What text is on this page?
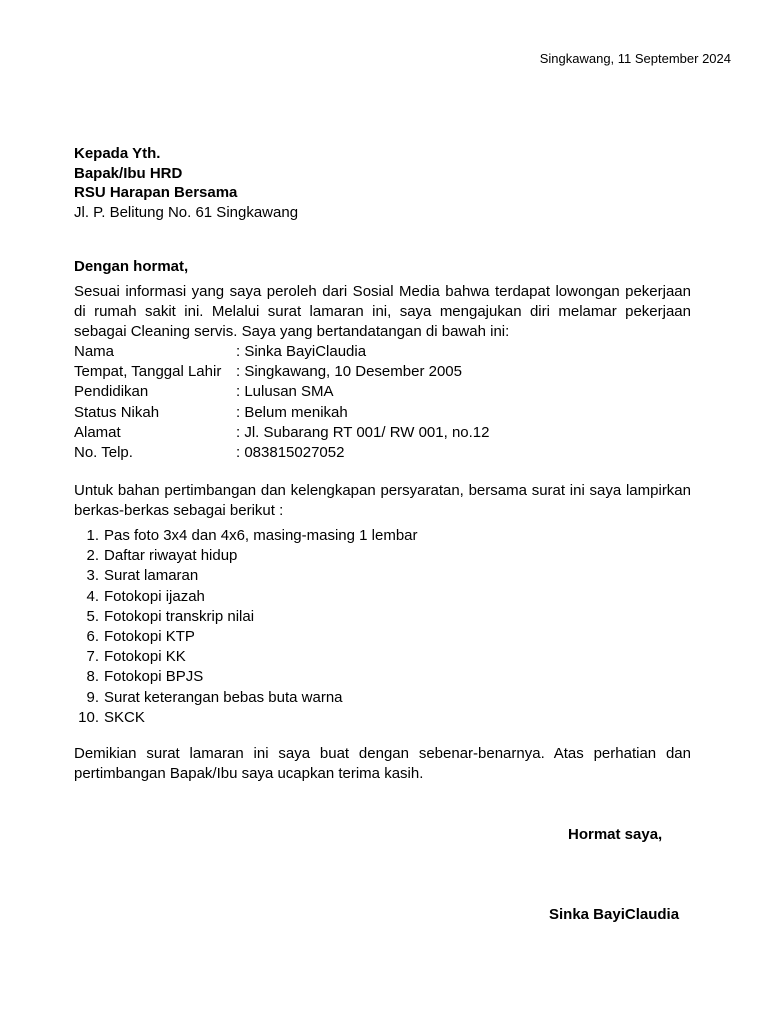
Singkawang, 11 September 2024
Kepada Yth.
Bapak/Ibu HRD
RSU Harapan Bersama
Jl. P. Belitung No. 61 Singkawang
Dengan hormat,
Sesuai informasi yang saya peroleh dari Sosial Media bahwa terdapat lowongan pekerjaan di rumah sakit ini. Melalui surat lamaran ini, saya mengajukan diri melamar pekerjaan sebagai Cleaning servis. Saya yang bertandatangan di bawah ini:
Nama	: Sinka BayiClaudia
Tempat, Tanggal Lahir : Singkawang, 10 Desember 2005
Pendidikan	: Lulusan SMA
Status Nikah	: Belum menikah
Alamat	: Jl. Subarang RT 001/ RW 001, no.12
No. Telp.	: 083815027052
Untuk bahan pertimbangan dan kelengkapan persyaratan, bersama surat ini saya lampirkan berkas-berkas sebagai berikut :
1. Pas foto 3x4 dan 4x6, masing-masing 1 lembar
2. Daftar riwayat hidup
3. Surat lamaran
4. Fotokopi ijazah
5. Fotokopi transkrip nilai
6. Fotokopi KTP
7. Fotokopi KK
8. Fotokopi BPJS
9. Surat keterangan bebas buta warna
10. SKCK
Demikian surat lamaran ini saya buat dengan sebenar-benarnya. Atas perhatian dan pertimbangan Bapak/Ibu saya ucapkan terima kasih.
Hormat saya,
Sinka BayiClaudia
